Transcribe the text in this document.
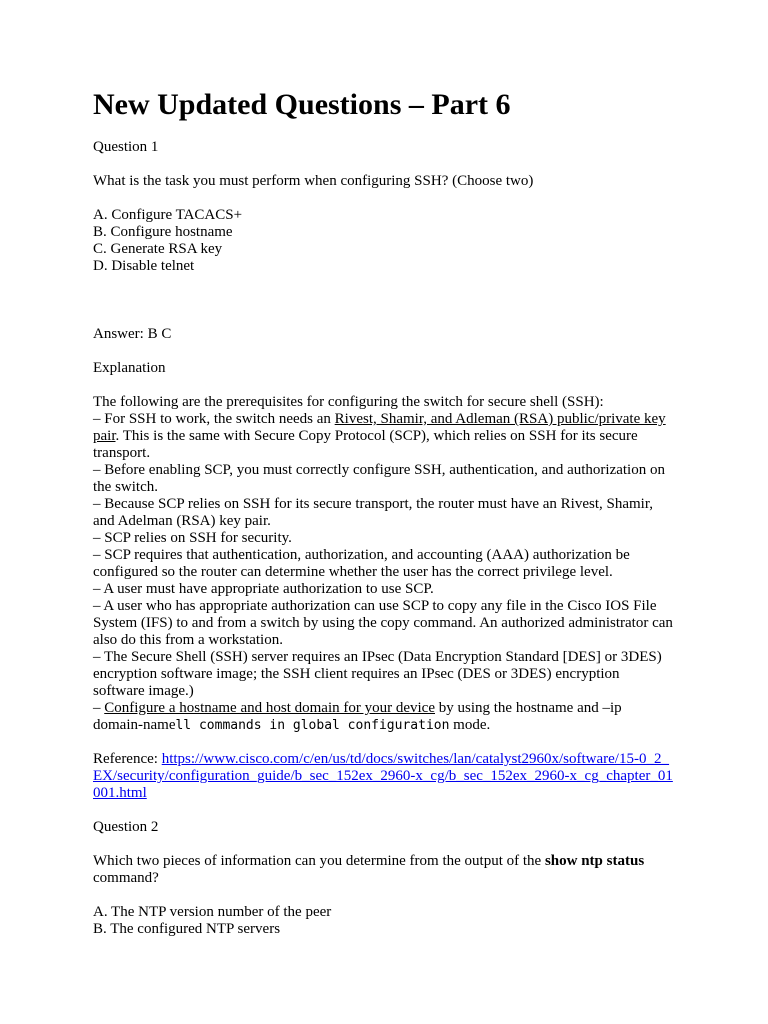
New Updated Questions – Part 6

Question 1

What is the task you must perform when configuring SSH? (Choose two)

A. Configure TACACS+

B. Configure hostname

C. Generate RSA key

D. Disable telnet

Answer: B C

Explanation

The following are the prerequisites for configuring the switch for secure shell (SSH):

– For SSH to work, the switch needs an Rivest, Shamir, and Adleman (RSA) public/private key pair. This is the same with Secure Copy Protocol (SCP), which relies on SSH for its secure transport.

– Before enabling SCP, you must correctly configure SSH, authentication, and authorization on the switch.

– Because SCP relies on SSH for its secure transport, the router must have an Rivest, Shamir, and Adelman (RSA) key pair.

– SCP relies on SSH for security.

– SCP requires that authentication, authorization, and accounting (AAA) authorization be configured so the router can determine whether the user has the correct privilege level.

– A user must have appropriate authorization to use SCP.

– A user who has appropriate authorization can use SCP to copy any file in the Cisco IOS File System (IFS) to and from a switch by using the copy command. An authorized administrator can also do this from a workstation.

– The Secure Shell (SSH) server requires an IPsec (Data Encryption Standard [DES] or 3DES) encryption software image; the SSH client requires an IPsec (DES or 3DES) encryption software image.)

– Configure a hostname and host domain for your device by using the hostname and –ip domain-namell commands in global configuration mode.

Reference: https://www.cisco.com/c/en/us/td/docs/switches/lan/catalyst2960x/software/15-0_2_EX/security/configuration_guide/b_sec_152ex_2960-x_cg/b_sec_152ex_2960-x_cg_chapter_01001.html

Question 2

Which two pieces of information can you determine from the output of the show ntp status command?

A. The NTP version number of the peer

B. The configured NTP servers
